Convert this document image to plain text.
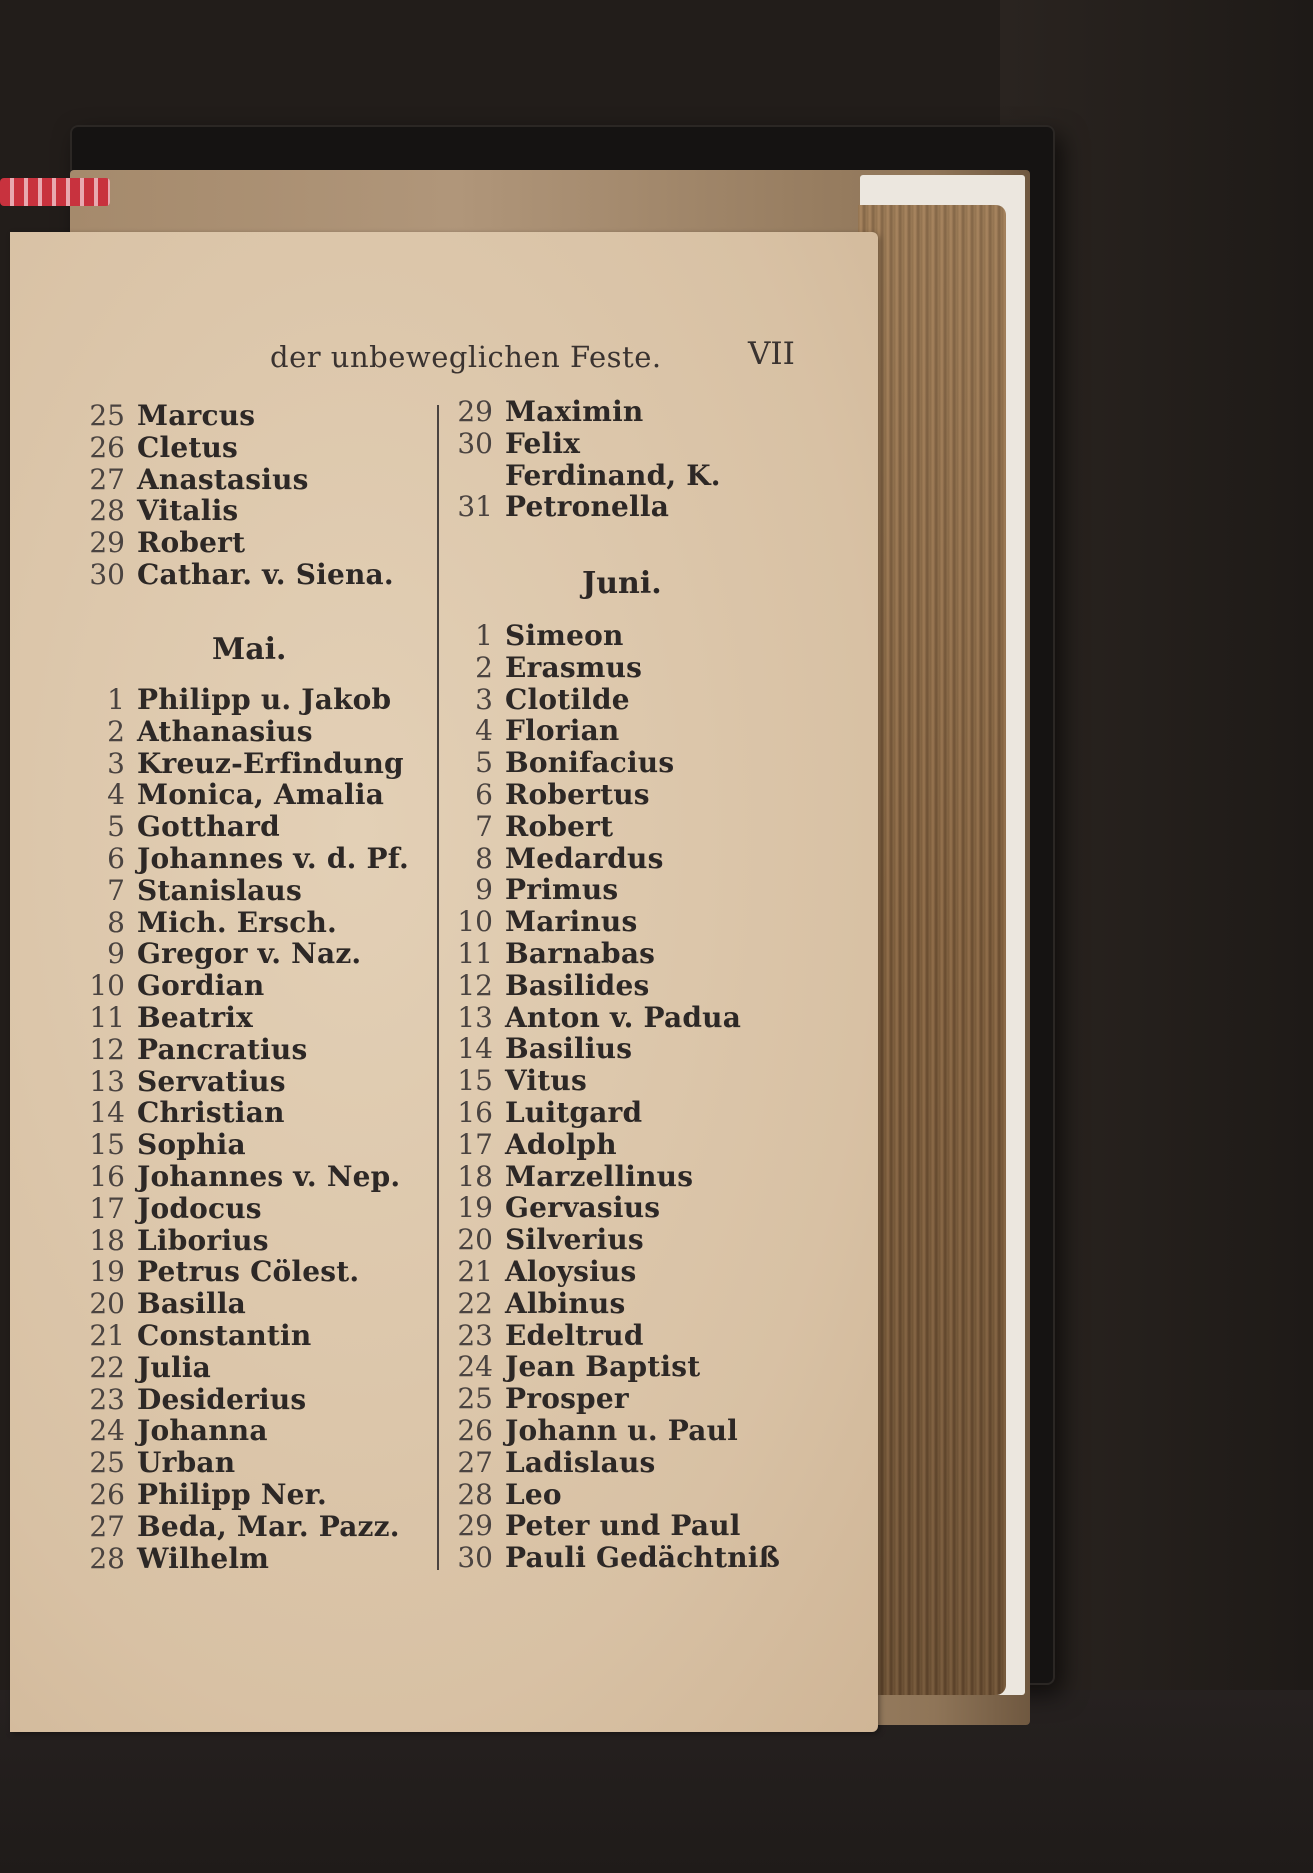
der unbeweglichen Feste.	VII
25 Marcus
26 Cletus
27 Anastasius
28 Vitalis
29 Robert
30 Cathar. v. Siena.
Mai.
1 Philipp u. Jakob
2 Athanasius
3 Kreuz-Erfindung
4 Monica, Amalia
5 Gotthard
6 Johannes v. d. Pf.
7 Stanislaus
8 Mich. Ersch.
9 Gregor v. Naz.
10 Gordian
11 Beatrix
12 Pancratius
13 Servatius
14 Christian
15 Sophia
16 Johannes v. Nep.
17 Jodocus
18 Liborius
19 Petrus Cölest.
20 Basilla
21 Constantin
22 Julia
23 Desiderius
24 Johanna
25 Urban
26 Philipp Ner.
27 Beda, Mar. Pazz.
28 Wilhelm
29 Maximin
30 Felix
Ferdinand, K.
31 Petronella
Juni.
1 Simeon
2 Erasmus
3 Clotilde
4 Florian
5 Bonifacius
6 Robertus
7 Robert
8 Medardus
9 Primus
10 Marinus
11 Barnabas
12 Basilides
13 Anton v. Padua
14 Basilius
15 Vitus
16 Luitgard
17 Adolph
18 Marzellinus
19 Gervasius
20 Silverius
21 Aloysius
22 Albinus
23 Edeltrud
24 Jean Baptist
25 Prosper
26 Johann u. Paul
27 Ladislaus
28 Leo
29 Peter und Paul
30 Pauli Gedächtniß
